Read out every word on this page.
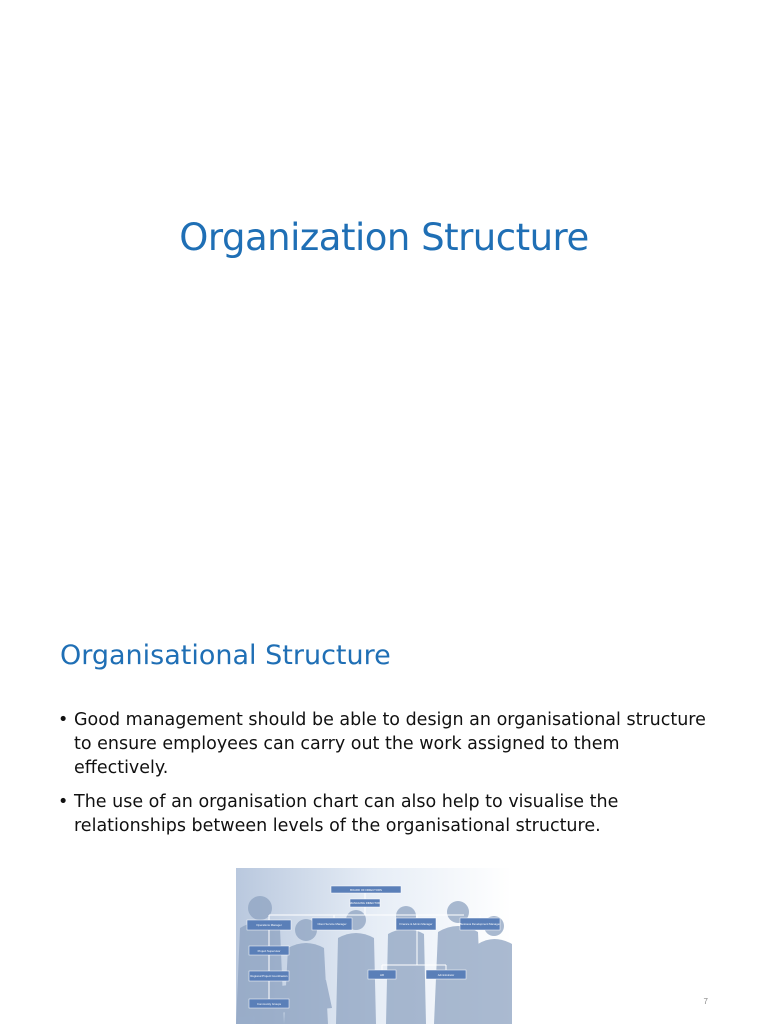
Organization Structure
Organisational Structure
• Good management should be able to design an organisational structure to ensure employees can carry out the work assigned to them effectively.
• The use of an organisation chart can also help to visualise the relationships between levels of the organisational structure.
BOARD OF DIRECTORS
MANAGING DIRECTOR
Operations Manager	Client Service Manager	Finance & Admin Manager	Business Development Manager
Project Supervisor
Regional Project Coordinators
Community Groups
HR	Administrator
7
